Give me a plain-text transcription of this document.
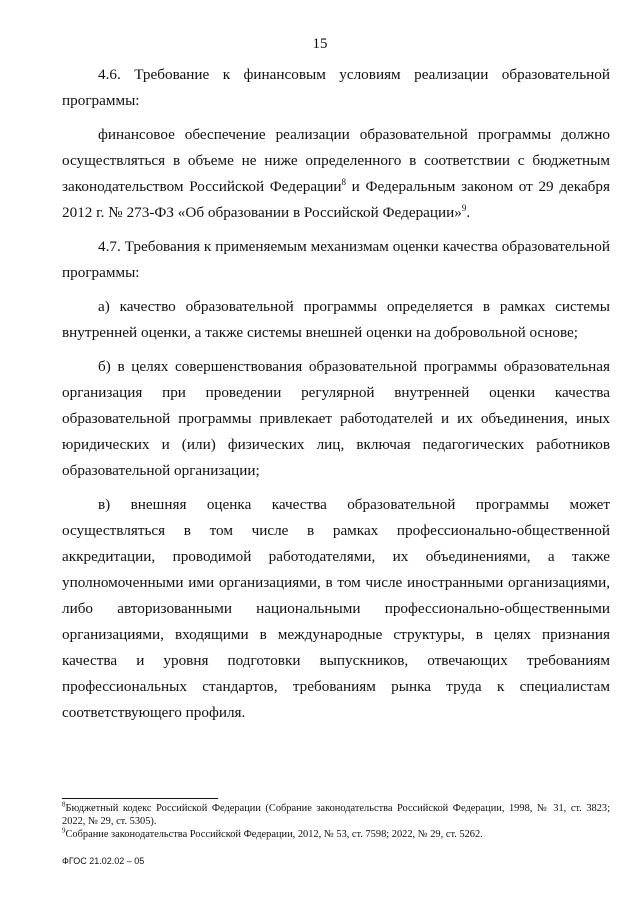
15

4.6. Требование к финансовым условиям реализации образовательной программы:

финансовое обеспечение реализации образовательной программы должно осуществляться в объеме не ниже определенного в соответствии с бюджетным законодательством Российской Федерации$^8$ и Федеральным законом от 29 декабря 2012 г. № 273-ФЗ «Об образовании в Российской Федерации»$^9$.

4.7. Требования к применяемым механизмам оценки качества образовательной программы:

а) качество образовательной программы определяется в рамках системы внутренней оценки, а также системы внешней оценки на добровольной основе;

б) в целях совершенствования образовательной программы образовательная организация при проведении регулярной внутренней оценки качества образовательной программы привлекает работодателей и их объединения, иных юридических и (или) физических лиц, включая педагогических работников образовательной организации;

в) внешняя оценка качества образовательной программы может осуществляться в том числе в рамках профессионально-общественной аккредитации, проводимой работодателями, их объединениями, а также уполномоченными ими организациями, в том числе иностранными организациями, либо авторизованными национальными профессионально-общественными организациями, входящими в международные структуры, в целях признания качества и уровня подготовки выпускников, отвечающих требованиям профессиональных стандартов, требованиям рынка труда к специалистам соответствующего профиля.

$^8$Бюджетный кодекс Российской Федерации (Собрание законодательства Российской Федерации, 1998, № 31, ст. 3823; 2022, № 29, ст. 5305).

$^9$Собрание законодательства Российской Федерации, 2012, № 53, ст. 7598; 2022, № 29, ст. 5262.

ФГОС 21.02.02 – 05
